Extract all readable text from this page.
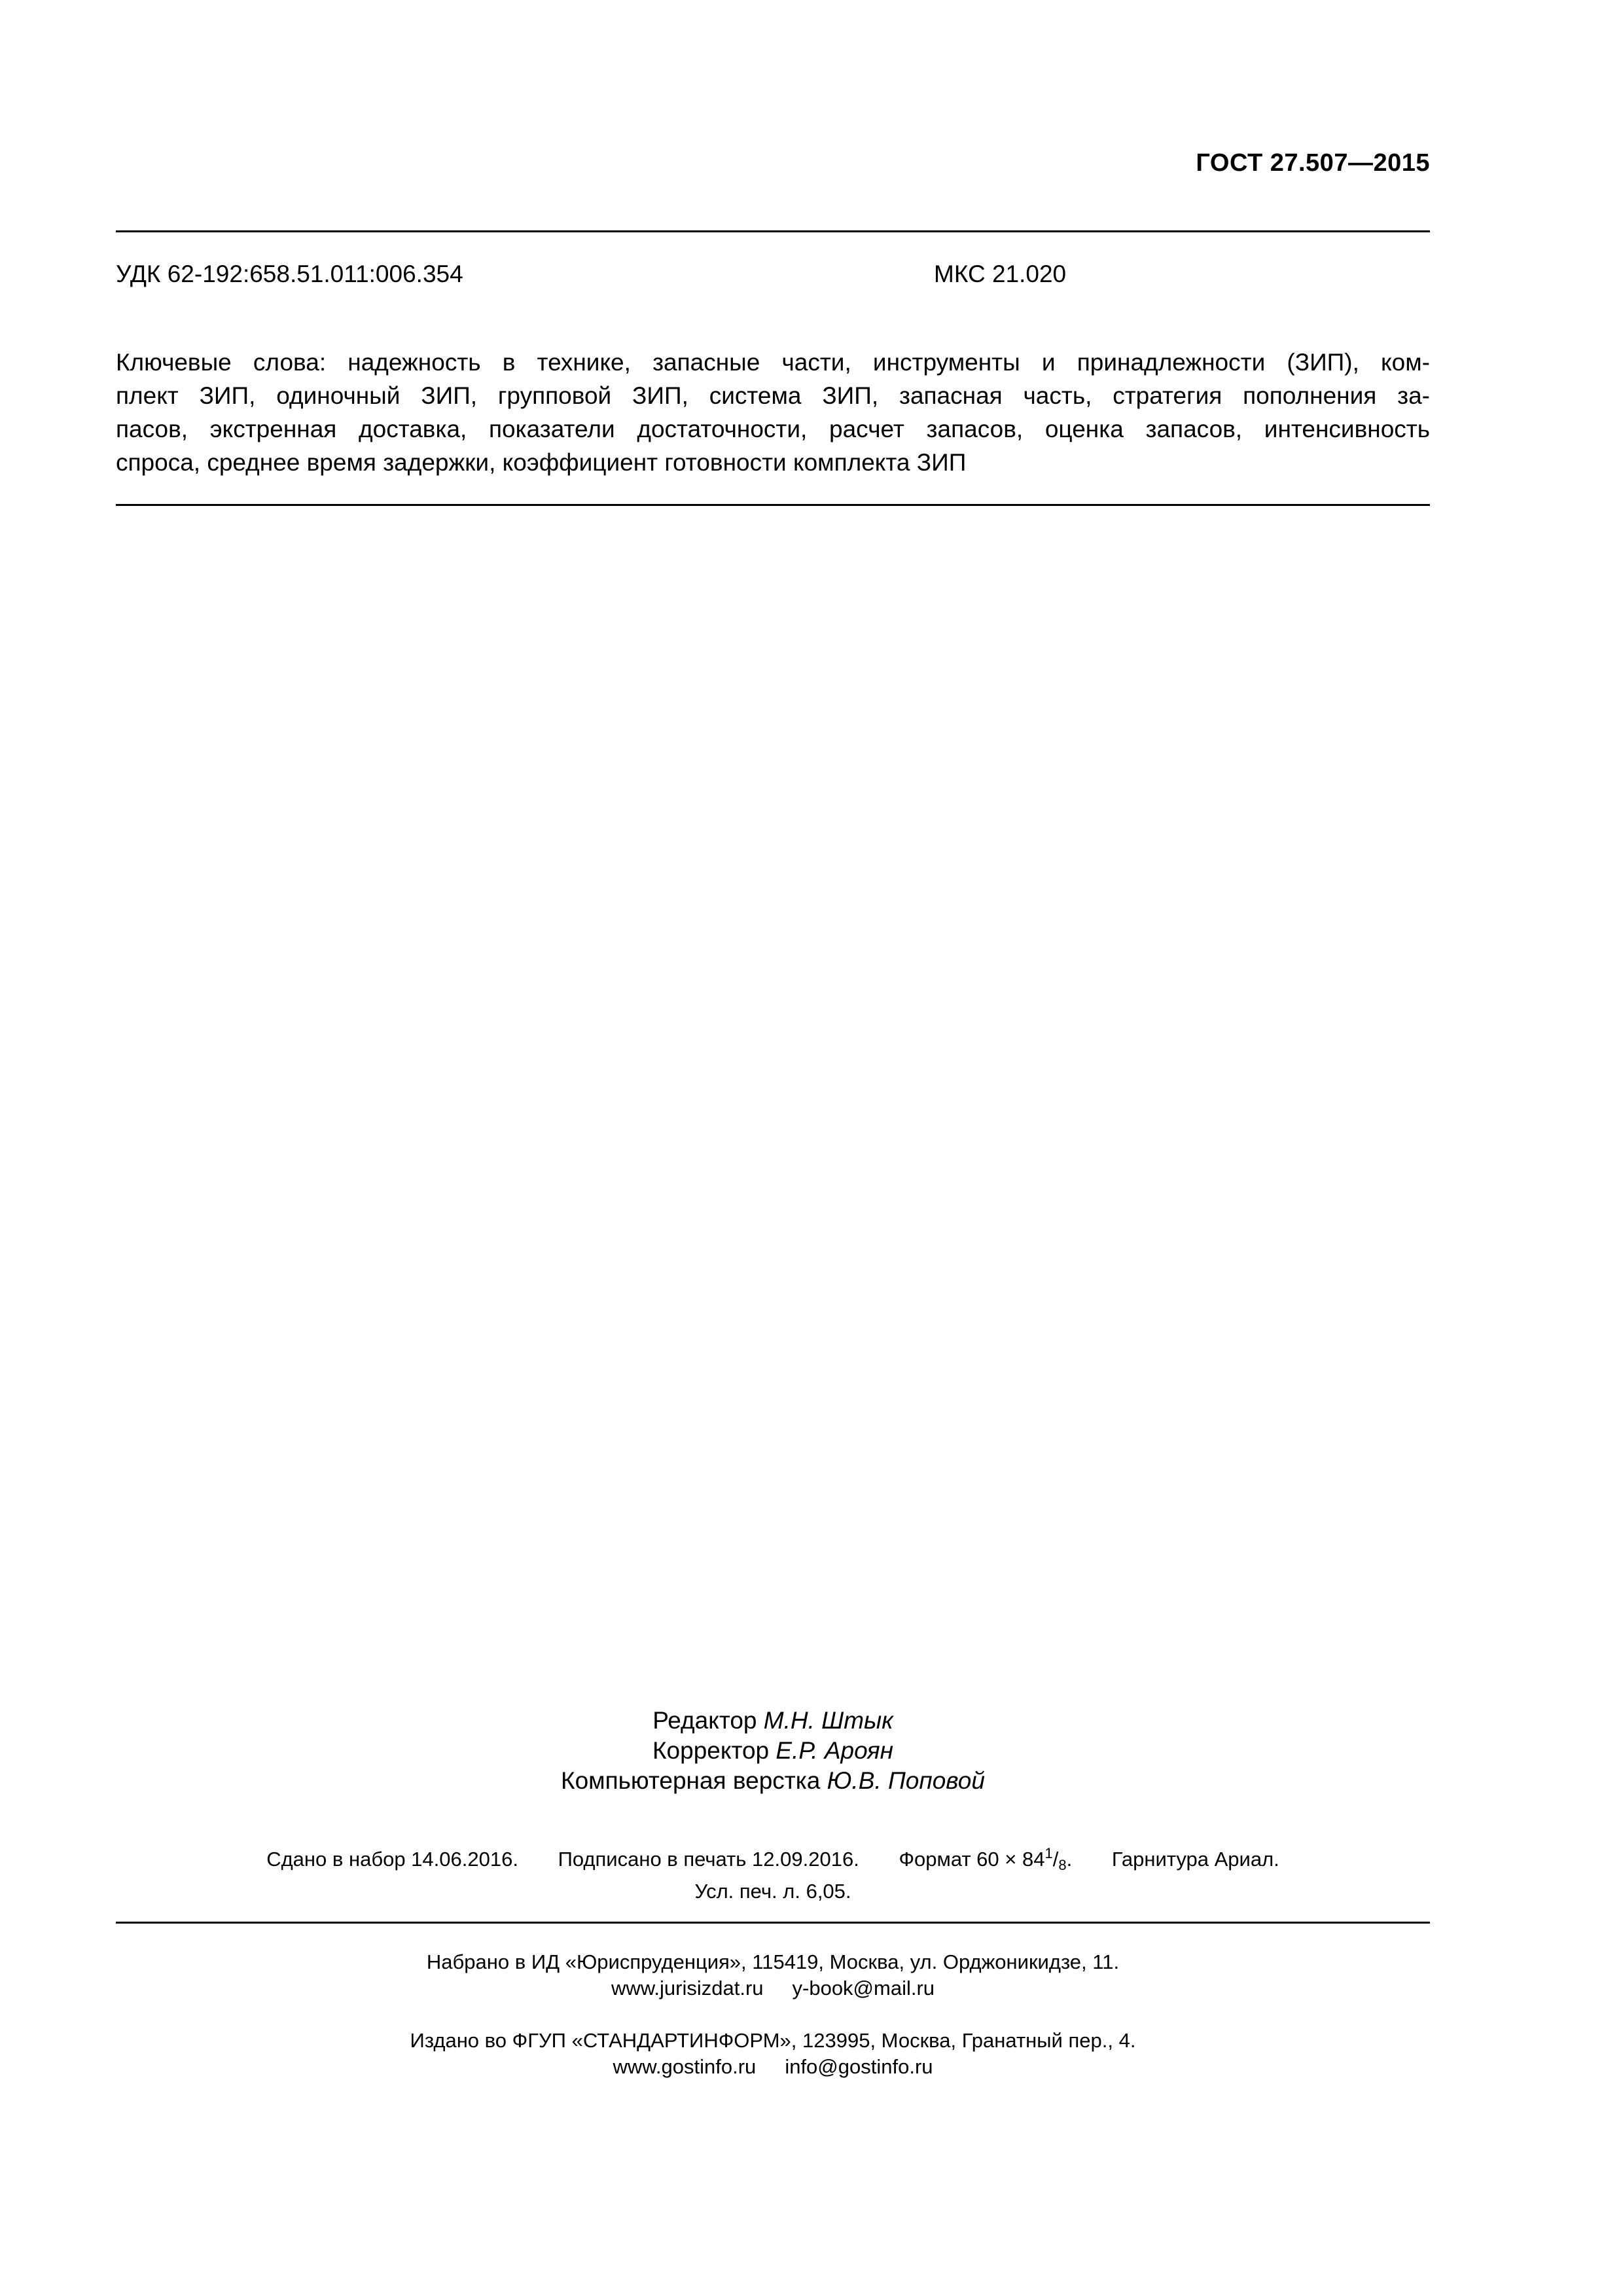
ГОСТ 27.507—2015
УДК 62-192:658.51.011:006.354	МКС 21.020
Ключевые слова: надежность в технике, запасные части, инструменты и принадлежности (ЗИП), ком-
плект ЗИП, одиночный ЗИП, групповой ЗИП, система ЗИП, запасная часть, стратегия пополнения за-
пасов, экстренная доставка, показатели достаточности, расчет запасов, оценка запасов, интенсивность
спроса, среднее время задержки, коэффициент готовности комплекта ЗИП
Редактор М.Н. Штык
Корректор Е.Р. Ароян
Компьютерная верстка Ю.В. Поповой
Сдано в набор 14.06.2016. Подписано в печать 12.09.2016. Формат $60 \times 84^1/_8$. Гарнитура Ариал.
Усл. печ. л. 6,05.
Набрано в ИД «Юриспруденция», 115419, Москва, ул. Орджоникидзе, 11.
www.jurisizdat.ru y-book@mail.ru
Издано во ФГУП «СТАНДАРТИНФОРМ», 123995, Москва, Гранатный пер., 4.
www.gostinfo.ru info@gostinfo.ru
